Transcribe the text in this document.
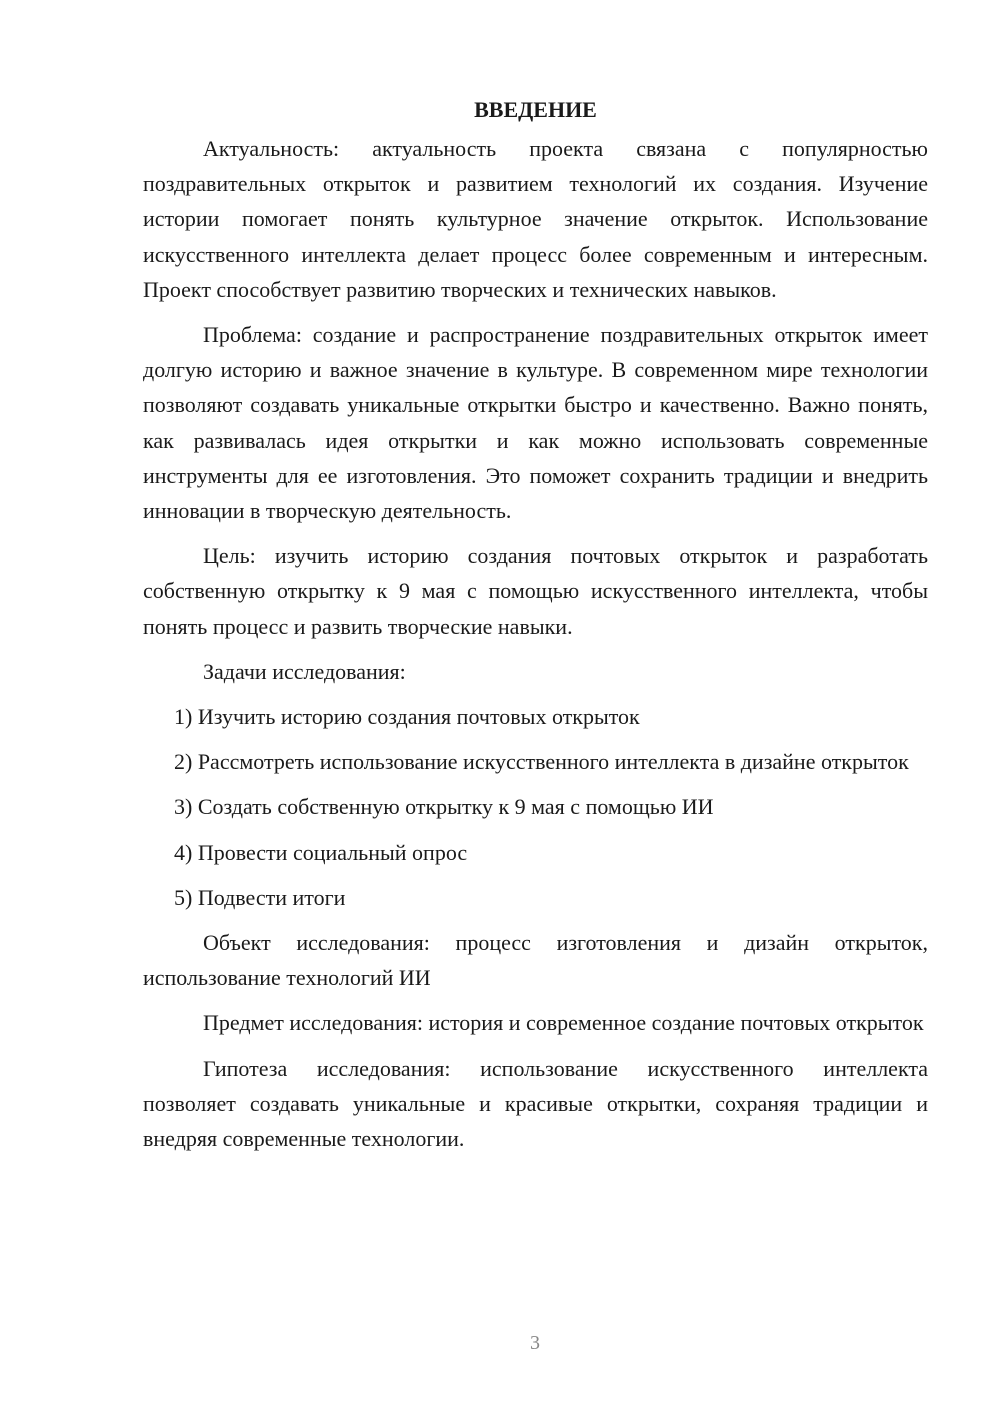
ВВЕДЕНИЕ

Актуальность: актуальность проекта связана с популярностью поздравительных открыток и развитием технологий их создания. Изучение истории помогает понять культурное значение открыток. Использование искусственного интеллекта делает процесс более современным и интересным. Проект способствует развитию творческих и технических навыков.

Проблема: создание и распространение поздравительных открыток имеет долгую историю и важное значение в культуре. В современном мире технологии позволяют создавать уникальные открытки быстро и качественно. Важно понять, как развивалась идея открытки и как можно использовать современные инструменты для ее изготовления. Это поможет сохранить традиции и внедрить инновации в творческую деятельность.

Цель: изучить историю создания почтовых открыток и разработать собственную открытку к 9 мая с помощью искусственного интеллекта, чтобы понять процесс и развить творческие навыки.

Задачи исследования:

1) Изучить историю создания почтовых открыток

2) Рассмотреть использование искусственного интеллекта в дизайне открыток

3) Создать собственную открытку к 9 мая с помощью ИИ

4) Провести социальный опрос

5) Подвести итоги

Объект исследования: процесс изготовления и дизайн открыток, использование технологий ИИ

Предмет исследования: история и современное создание почтовых открыток

Гипотеза исследования: использование искусственного интеллекта позволяет создавать уникальные и красивые открытки, сохраняя традиции и внедряя современные технологии.

3
